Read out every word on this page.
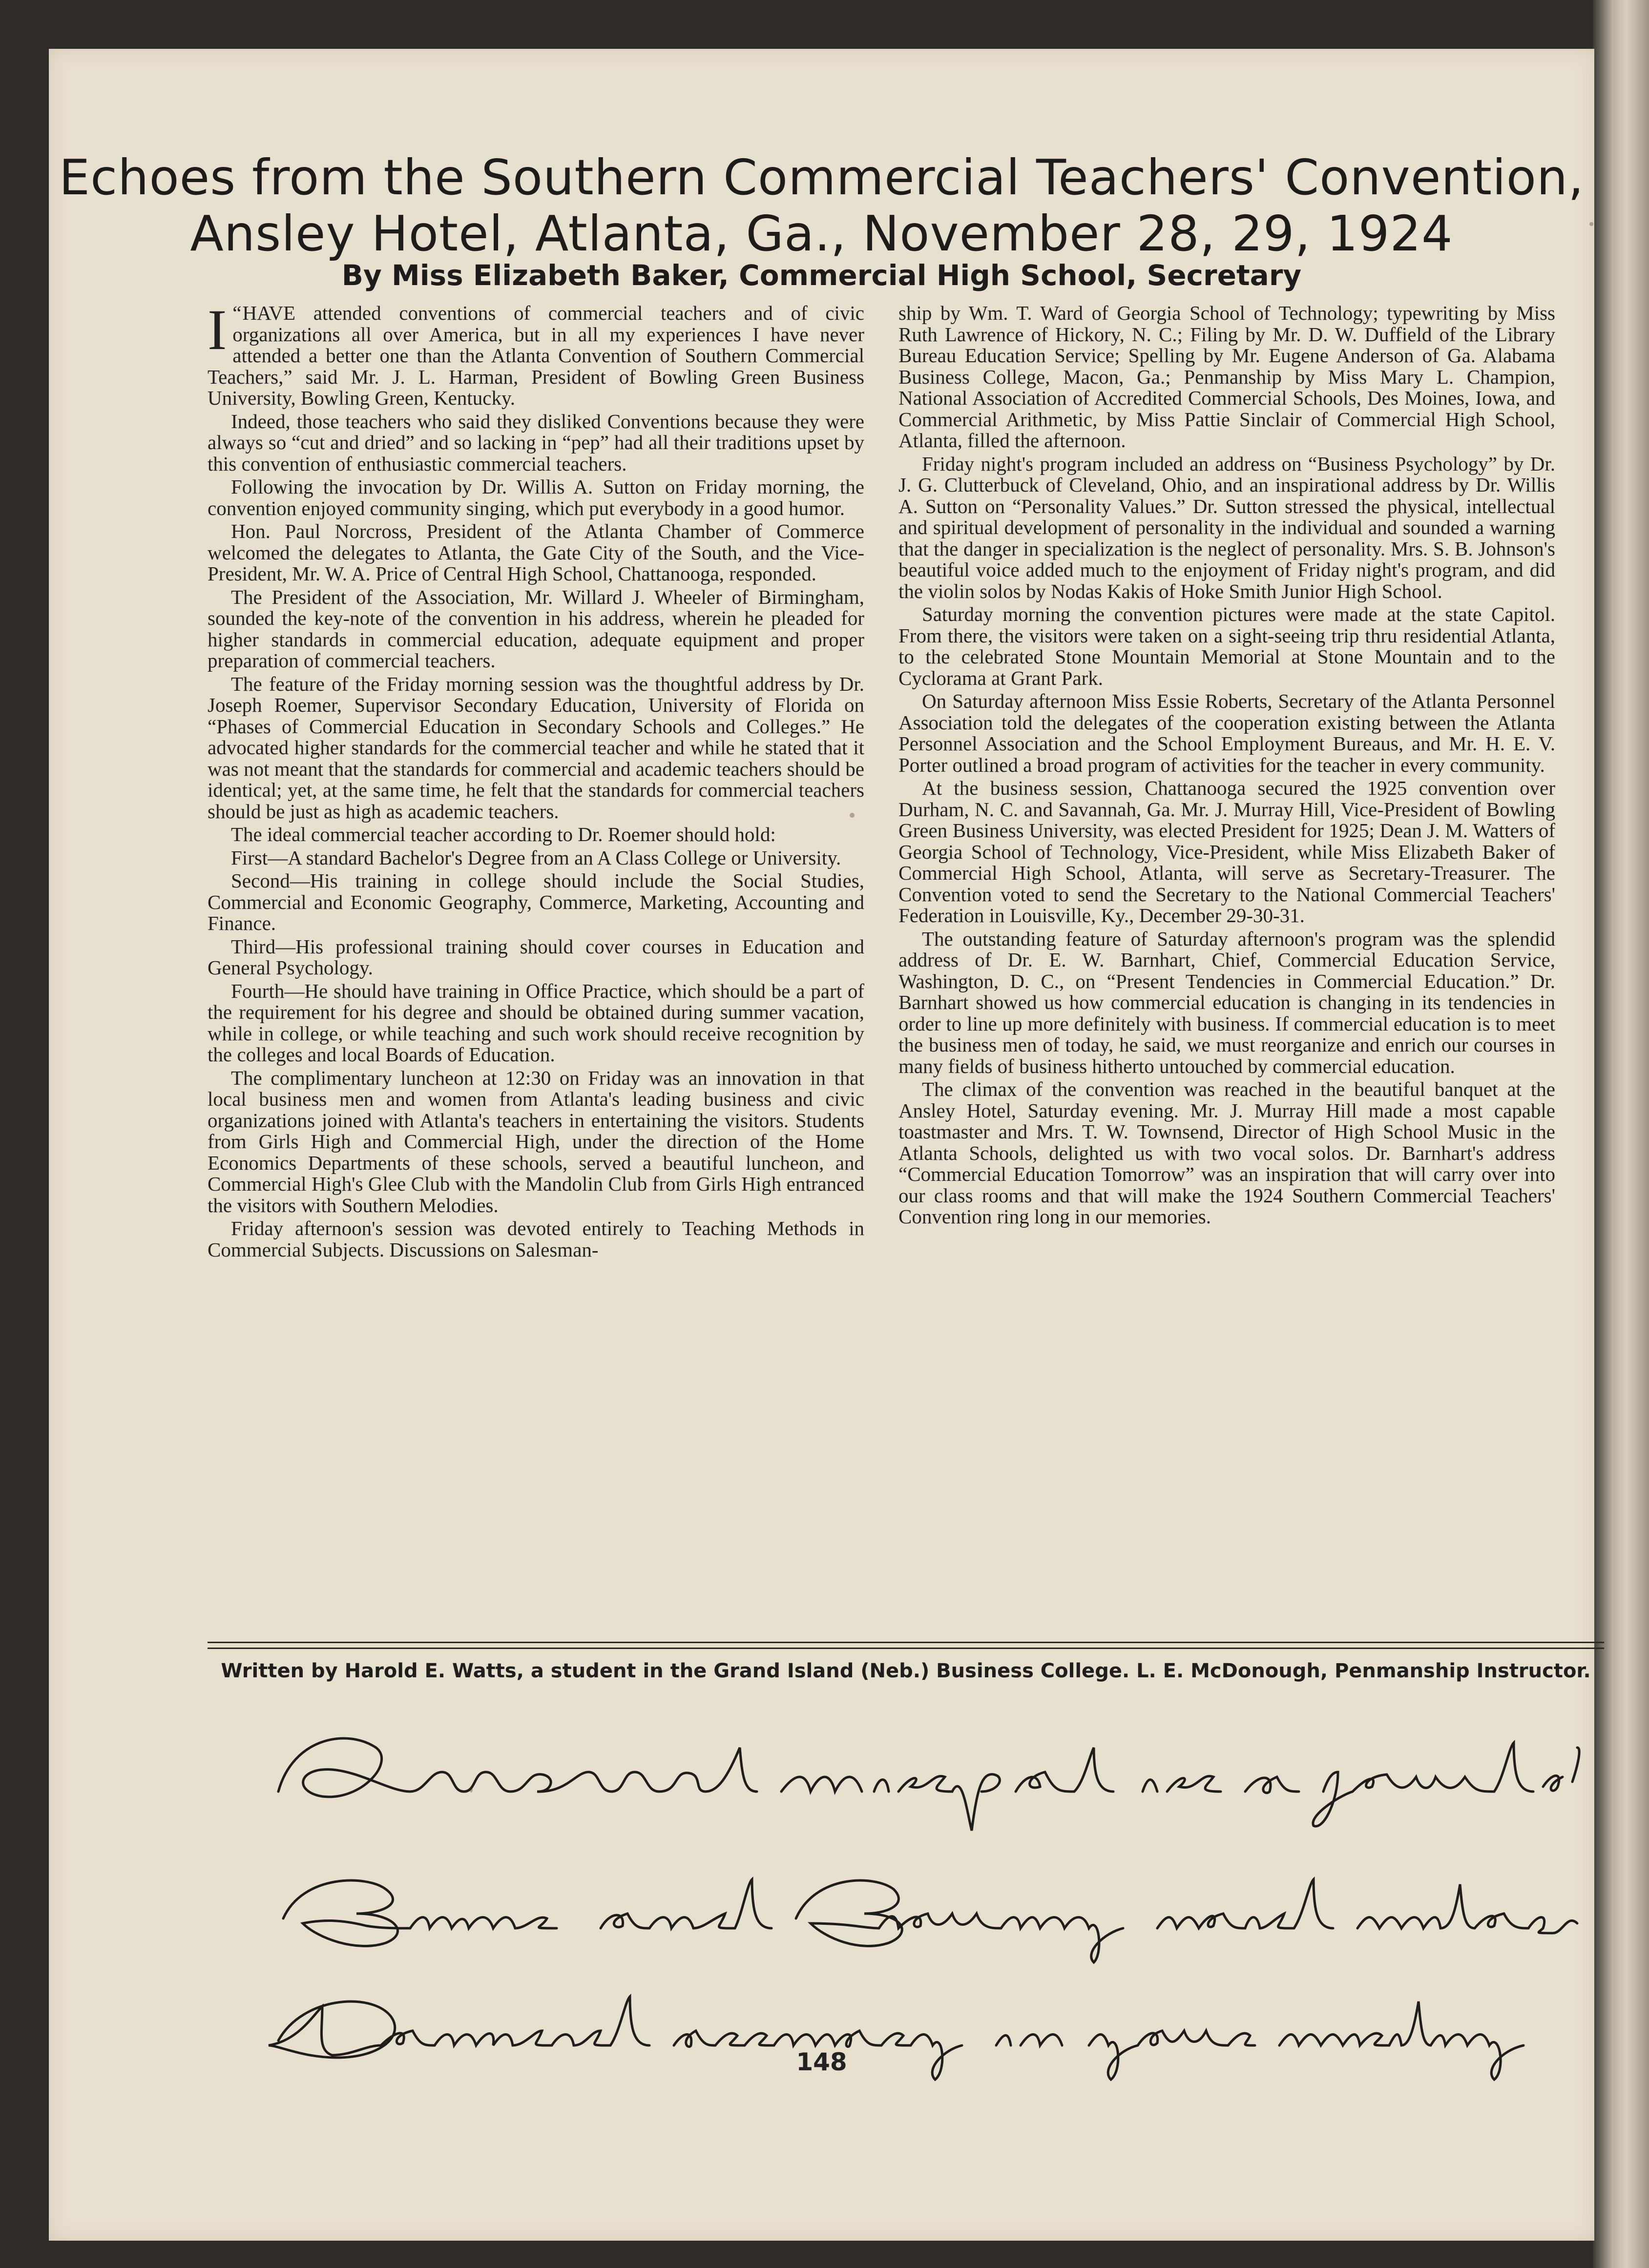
Echoes from the Southern Commercial Teachers' Convention,
Ansley Hotel, Atlanta, Ga., November 28, 29, 1924
By Miss Elizabeth Baker, Commercial High School, Secretary

“
I HAVE attended conventions of commercial teachers and of civic organizations all over America, but in all my experiences I have never attended a better one than the Atlanta Convention of Southern Commercial Teachers,” said Mr. J. L. Harman, President of Bowling Green Business University, Bowling Green, Kentucky.

Indeed, those teachers who said they disliked Conventions because they were always so “cut and dried” and so lacking in “pep” had all their traditions upset by this convention of enthusiastic commercial teachers.

Following the invocation by Dr. Willis A. Sutton on Friday morning, the convention enjoyed community singing, which put everybody in a good humor.

Hon. Paul Norcross, President of the Atlanta Chamber of Commerce welcomed the delegates to Atlanta, the Gate City of the South, and the Vice-President, Mr. W. A. Price of Central High School, Chattanooga, responded.

The President of the Association, Mr. Willard J. Wheeler of Birmingham, sounded the key-note of the convention in his address, wherein he pleaded for higher standards in commercial education, adequate equipment and proper preparation of commercial teachers.

The feature of the Friday morning session was the thoughtful address by Dr. Joseph Roemer, Supervisor Secondary Education, University of Florida on “Phases of Commercial Education in Secondary Schools and Colleges.” He advocated higher standards for the commercial teacher and while he stated that it was not meant that the standards for commercial and academic teachers should be identical; yet, at the same time, he felt that the standards for commercial teachers should be just as high as academic teachers.

The ideal commercial teacher according to Dr. Roemer should hold:

First—A standard Bachelor's Degree from an A Class College or University.

Second—His training in college should include the Social Studies, Commercial and Economic Geography, Commerce, Marketing, Accounting and Finance.

Third—His professional training should cover courses in Education and General Psychology.

Fourth—He should have training in Office Practice, which should be a part of the requirement for his degree and should be obtained during summer vacation, while in college, or while teaching and such work should receive recognition by the colleges and local Boards of Education.

The complimentary luncheon at 12:30 on Friday was an innovation in that local business men and women from Atlanta's leading business and civic organizations joined with Atlanta's teachers in entertaining the visitors. Students from Girls High and Commercial High, under the direction of the Home Economics Departments of these schools, served a beautiful luncheon, and Commercial High's Glee Club with the Mandolin Club from Girls High entranced the visitors with Southern Melodies.

Friday afternoon's session was devoted entirely to Teaching Methods in Commercial Subjects. Discussions on Salesman-

ship by Wm. T. Ward of Georgia School of Technology; typewriting by Miss Ruth Lawrence of Hickory, N. C.; Filing by Mr. D. W. Duffield of the Library Bureau Education Service; Spelling by Mr. Eugene Anderson of Ga. Alabama Business College, Macon, Ga.; Penmanship by Miss Mary L. Champion, National Association of Accredited Commercial Schools, Des Moines, Iowa, and Commercial Arithmetic, by Miss Pattie Sinclair of Commercial High School, Atlanta, filled the afternoon.

Friday night's program included an address on “Business Psychology” by Dr. J. G. Clutterbuck of Cleveland, Ohio, and an inspirational address by Dr. Willis A. Sutton on “Personality Values.” Dr. Sutton stressed the physical, intellectual and spiritual development of personality in the individual and sounded a warning that the danger in specialization is the neglect of personality. Mrs. S. B. Johnson's beautiful voice added much to the enjoyment of Friday night's program, and did the violin solos by Nodas Kakis of Hoke Smith Junior High School.

Saturday morning the convention pictures were made at the state Capitol. From there, the visitors were taken on a sight-seeing trip thru residential Atlanta, to the celebrated Stone Mountain Memorial at Stone Mountain and to the Cyclorama at Grant Park.

On Saturday afternoon Miss Essie Roberts, Secretary of the Atlanta Personnel Association told the delegates of the cooperation existing between the Atlanta Personnel Association and the School Employment Bureaus, and Mr. H. E. V. Porter outlined a broad program of activities for the teacher in every community.

At the business session, Chattanooga secured the 1925 convention over Durham, N. C. and Savannah, Ga. Mr. J. Murray Hill, Vice-President of Bowling Green Business University, was elected President for 1925; Dean J. M. Watters of Georgia School of Technology, Vice-President, while Miss Elizabeth Baker of Commercial High School, Atlanta, will serve as Secretary-Treasurer. The Convention voted to send the Secretary to the National Commercial Teachers' Federation in Louisville, Ky., December 29-30-31.

The outstanding feature of Saturday afternoon's program was the splendid address of Dr. E. W. Barnhart, Chief, Commercial Education Service, Washington, D. C., on “Present Tendencies in Commercial Education.” Dr. Barnhart showed us how commercial education is changing in its tendencies in order to line up more definitely with business. If commercial education is to meet the business men of today, he said, we must reorganize and enrich our courses in many fields of business hitherto untouched by commercial education.

The climax of the convention was reached in the beautiful banquet at the Ansley Hotel, Saturday evening. Mr. J. Murray Hill made a most capable toastmaster and Mrs. T. W. Townsend, Director of High School Music in the Atlanta Schools, delighted us with two vocal solos. Dr. Barnhart's address “Commercial Education Tomorrow” was an inspiration that will carry over into our class rooms and that will make the 1924 Southern Commercial Teachers' Convention ring long in our memories.

Written by Harold E. Watts, a student in the Grand Island (Neb.) Business College. L. E. McDonough, Penmanship Instructor.

148
